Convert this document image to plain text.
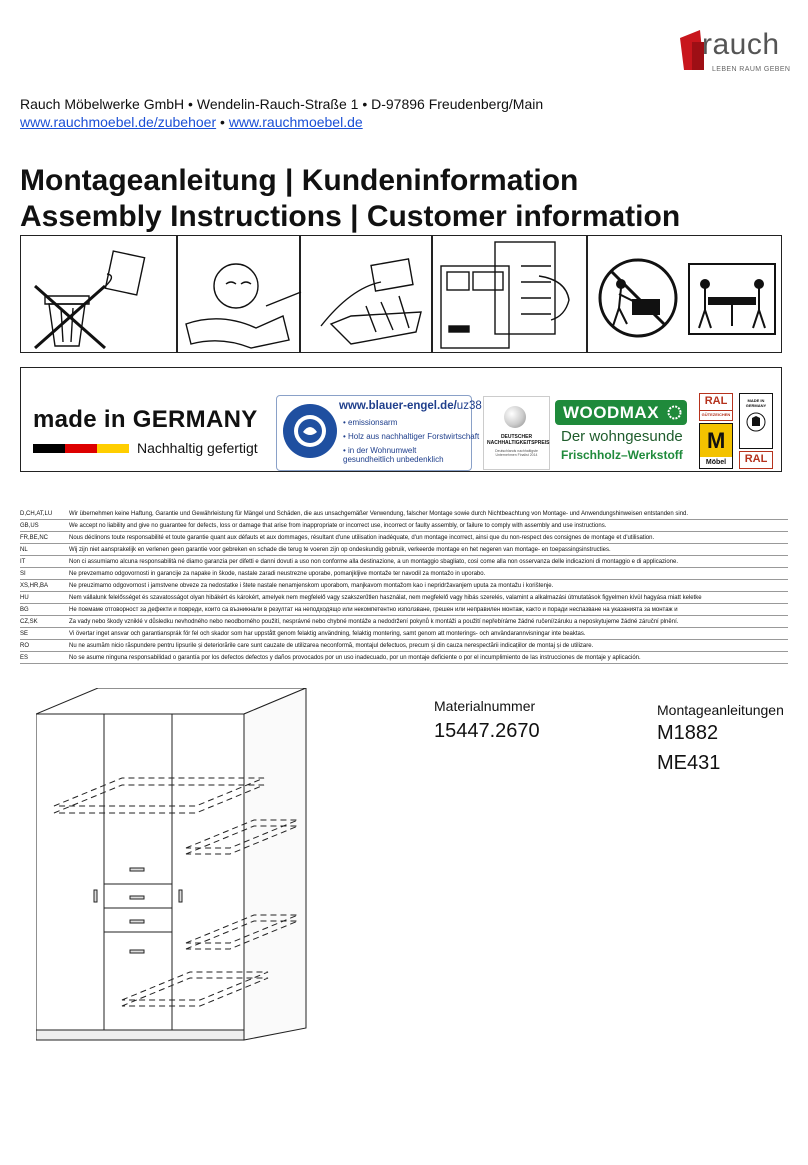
rauch
LEBEN RAUM GEBEN
Rauch Möbelwerke GmbH • Wendelin-Rauch-Straße 1 • D-97896 Freudenberg/Main
www.rauchmoebel.de/zubehoer • www.rauchmoebel.de
Montageanleitung | Kundeninformation
Assembly Instructions | Customer information
made in GERMANY
Nachhaltig gefertigt
www.blauer-engel.de/uz38
• emissionsarm
• Holz aus nachhaltiger Forstwirtschaft
• in der Wohnumwelt gesundheitlich unbedenklich
DEUTSCHER NACHHALTIGKEITSPREIS
Deutschlands nachhaltigste Unternehmen Finalist 2014
WOODMAX
Der wohngesunde
Frischholz–Werkstoff
RAL
GÜTEZEICHEN
M
Möbel
MADE IN GERMANY
RAL
D,CH,AT,LU	Wir übernehmen keine Haftung, Garantie und Gewährleistung für Mängel und Schäden, die aus unsachgemäßer Verwendung, falscher Montage sowie durch Nichtbeachtung von Montage- und Anwendungshinweisen entstanden sind.
GB,US	We accept no liability and give no guarantee for defects, loss or damage that arise from inappropriate or incorrect use, incorrect or faulty assembly, or failure to comply with assembly and use instructions.
FR,BE,NC	Nous déclinons toute responsabilité et toute garantie quant aux défauts et aux dommages, résultant d'une utilisation inadéquate, d'un montage incorrect, ainsi que du non-respect des consignes de montage et d'utilisation.
NL	Wij zijn niet aansprakelijk en verlenen geen garantie voor gebreken en schade die terug te voeren zijn op ondeskundig gebruik, verkeerde montage en het negeren van montage- en toepassingsinstructies.
IT	Non ci assumiamo alcuna responsabilità né diamo garanzia per difetti e danni dovuti a uso non conforme alla destinazione, a un montaggio sbagliato, così come alla non osservanza delle indicazioni di montaggio e di applicazione.
SI	Ne prevzemamo odgovornosti in garancije za napake in škode, nastale zaradi neustrezne uporabe, pomanjkljive montaže ter navodil za montažo in uporabo.
XS,HR,BA	Ne preuzimamo odgovornost i jamstvene obveze za nedostatke i štete nastale nenamjenskom uporabom, manjkavom montažom kao i nepridržavanjem uputa za montažu i korištenje.
HU	Nem vállalunk felelősséget és szavatosságot olyan hibákért és károkért, amelyek nem megfelelő vagy szakszerűtlen használat, nem megfelelő vagy hibás szerelés, valamint a alkalmazási útmutatások figyelmen kívül hagyása miatt keletke
BG	Не поемаме отговорност за дефекти и повреди, които са възникнали в резултат на неподходящо или некомпетентно използване, грешен или неправилен монтаж, както и поради неспазване на указанията за монтаж и
CZ,SK	Za vady nebo škody vzniklé v důsledku nevhodného nebo neodborného použití, nesprávné nebo chybné montáže a nedodržení pokynů k montáži a použití nepřebíráme žádné ručení/záruku a neposkytujeme žádné záruční plnění.
SE	Vi övertar inget ansvar och garantiansprák för fel och skador som har uppstått genom felaktig användning, felaktig montering, samt genom att monterings- och användarannvisningar inte beaktas.
RO	Nu ne asumăm nicio răspundere pentru lipsurile și deteriorările care sunt cauzate de utilizarea neconformă, montajul defectuos, precum și din cauza nerespectării indicațiilor de montaj și de utilizare.
ES	No se asume ninguna responsabilidad o garantía por los defectos defectos y daños provocados por un uso inadecuado, por un montaje deficiente o por el incumplimiento de las instrucciones de montaje y aplicación.
Materialnummer
15447.2670
Montageanleitungen
M1882
ME431
